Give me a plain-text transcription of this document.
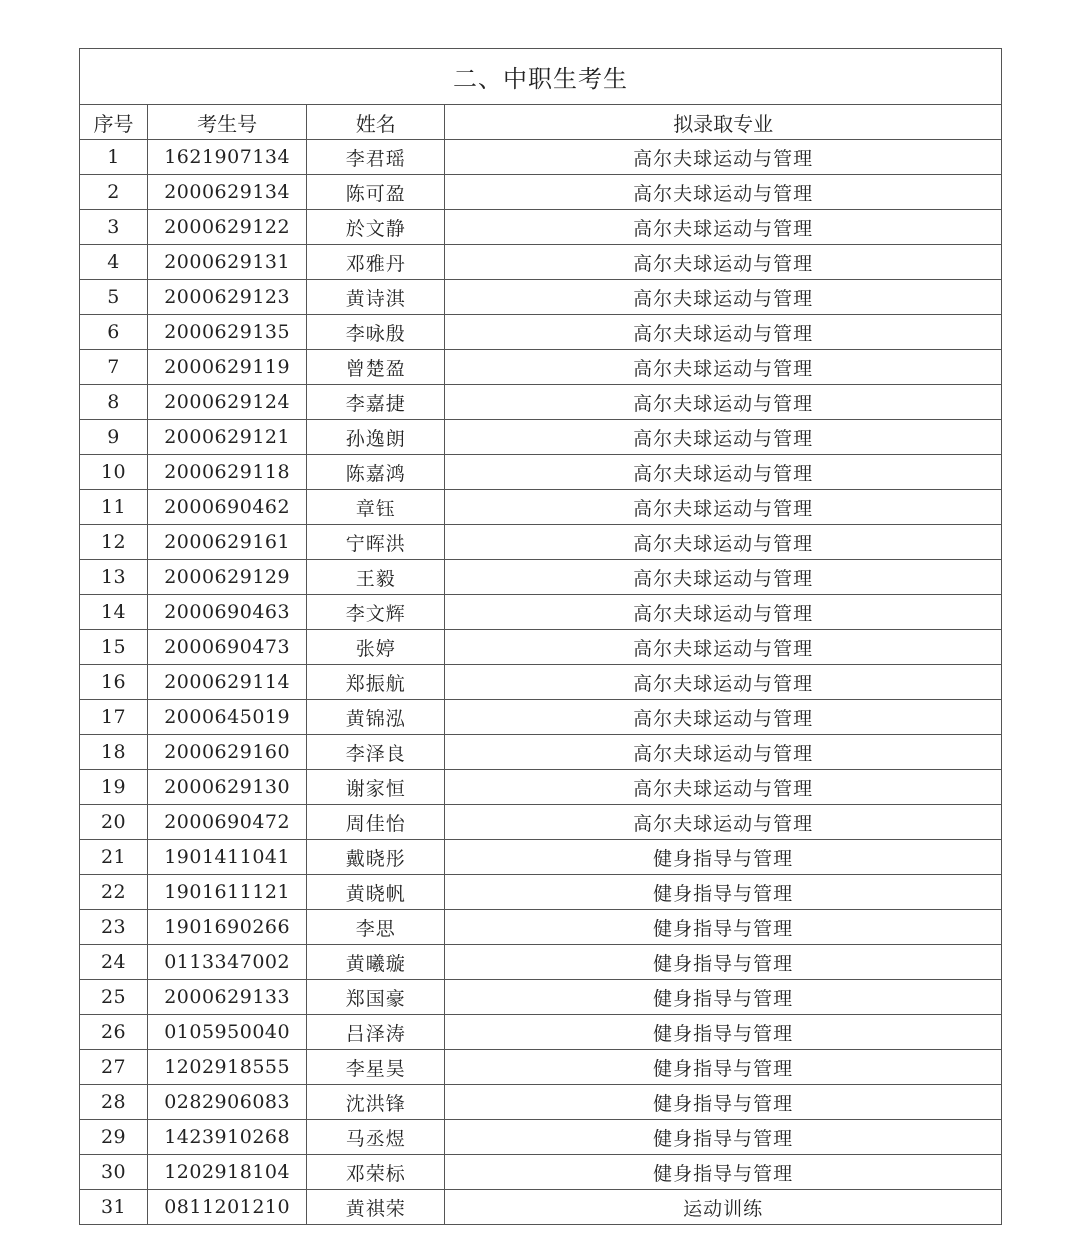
二、中职生考生			
序号	考生号	姓名	拟录取专业
1	1621907134	李君瑶	高尔夫球运动与管理
2	2000629134	陈可盈	高尔夫球运动与管理
3	2000629122	於文静	高尔夫球运动与管理
4	2000629131	邓雅丹	高尔夫球运动与管理
5	2000629123	黄诗淇	高尔夫球运动与管理
6	2000629135	李咏殷	高尔夫球运动与管理
7	2000629119	曾楚盈	高尔夫球运动与管理
8	2000629124	李嘉捷	高尔夫球运动与管理
9	2000629121	孙逸朗	高尔夫球运动与管理
10	2000629118	陈嘉鸿	高尔夫球运动与管理
11	2000690462	章钰	高尔夫球运动与管理
12	2000629161	宁晖洪	高尔夫球运动与管理
13	2000629129	王毅	高尔夫球运动与管理
14	2000690463	李文辉	高尔夫球运动与管理
15	2000690473	张婷	高尔夫球运动与管理
16	2000629114	郑振航	高尔夫球运动与管理
17	2000645019	黄锦泓	高尔夫球运动与管理
18	2000629160	李泽良	高尔夫球运动与管理
19	2000629130	谢家恒	高尔夫球运动与管理
20	2000690472	周佳怡	高尔夫球运动与管理
21	1901411041	戴晓彤	健身指导与管理
22	1901611121	黄晓帆	健身指导与管理
23	1901690266	李思	健身指导与管理
24	0113347002	黄曦璇	健身指导与管理
25	2000629133	郑国豪	健身指导与管理
26	0105950040	吕泽涛	健身指导与管理
27	1202918555	李星昊	健身指导与管理
28	0282906083	沈洪锋	健身指导与管理
29	1423910268	马丞煜	健身指导与管理
30	1202918104	邓荣标	健身指导与管理
31	0811201210	黄祺荣	运动训练
